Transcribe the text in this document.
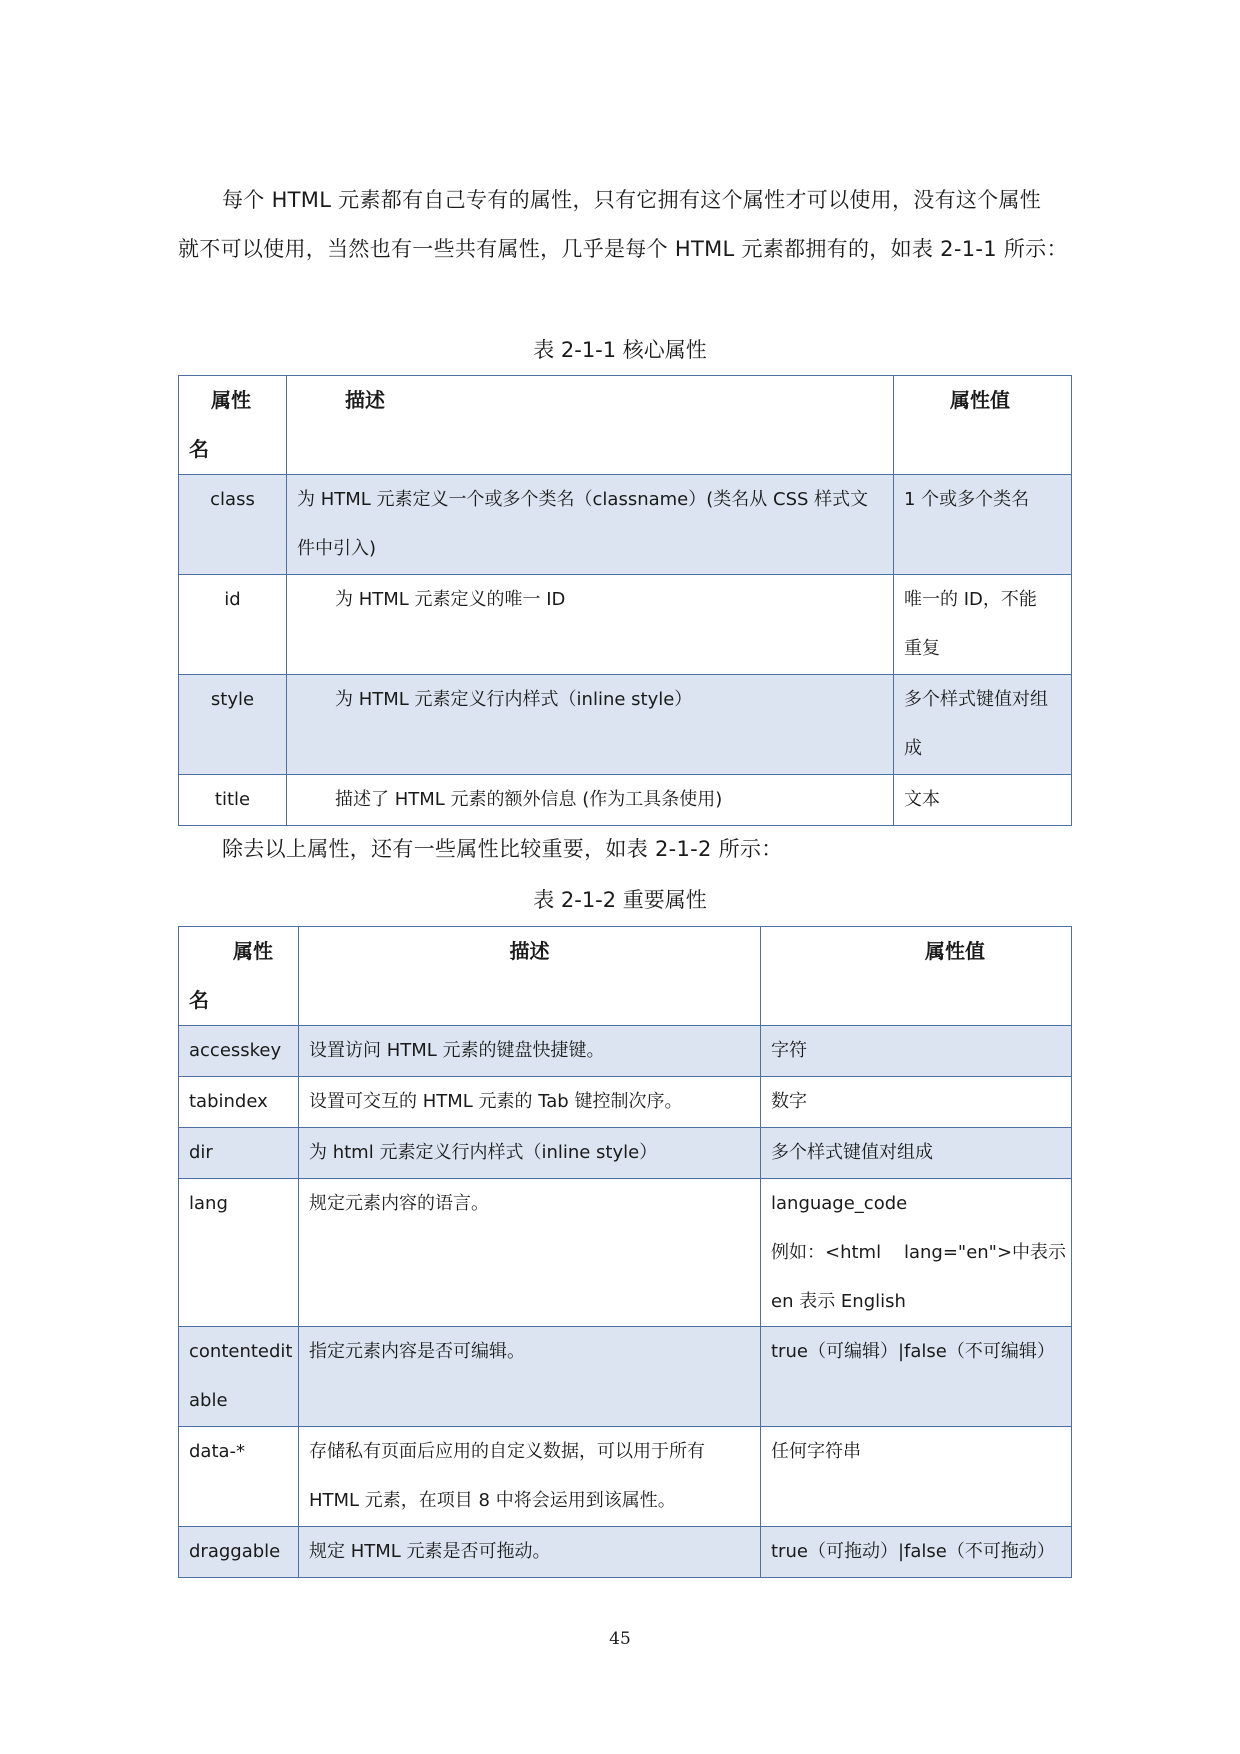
每个 HTML 元素都有自己专有的属性，只有它拥有这个属性才可以使用，没有这个属性
就不可以使用，当然也有一些共有属性，几乎是每个 HTML 元素都拥有的，如表 2-1-1 所示：
表 2-1-1 核心属性
属性
名	描述	属性值
class	为 HTML 元素定义一个或多个类名（classname）(类名从 CSS 样式文
件中引入)	1 个或多个类名
id	为 HTML 元素定义的唯一 ID	唯一的 ID，不能
重复

style	为 HTML 元素定义行内样式（inline style）	多个样式键值对组
成

title	描述了 HTML 元素的额外信息 (作为工具条使用)	文本
除去以上属性，还有一些属性比较重要，如表 2-1-2 所示：
表 2-1-2 重要属性
属性
名	描述	属性值
accesskey	设置访问 HTML 元素的键盘快捷键。	字符
tabindex	设置可交互的 HTML 元素的 Tab 键控制次序。	数字
dir	为 html 元素定义行内样式（inline style）	多个样式键值对组成
lang	规定元素内容的语言。	language_code
例如：<html    lang="en">中表示
en 表示 English

contentedit
able	指定元素内容是否可编辑。	true（可编辑）|false（不可编辑）
data-*	存储私有页面后应用的自定义数据，可以用于所有
HTML 元素，在项目 8 中将会运用到该属性。	任何字符串
draggable	规定 HTML 元素是否可拖动。	true（可拖动）|false（不可拖动）
45
